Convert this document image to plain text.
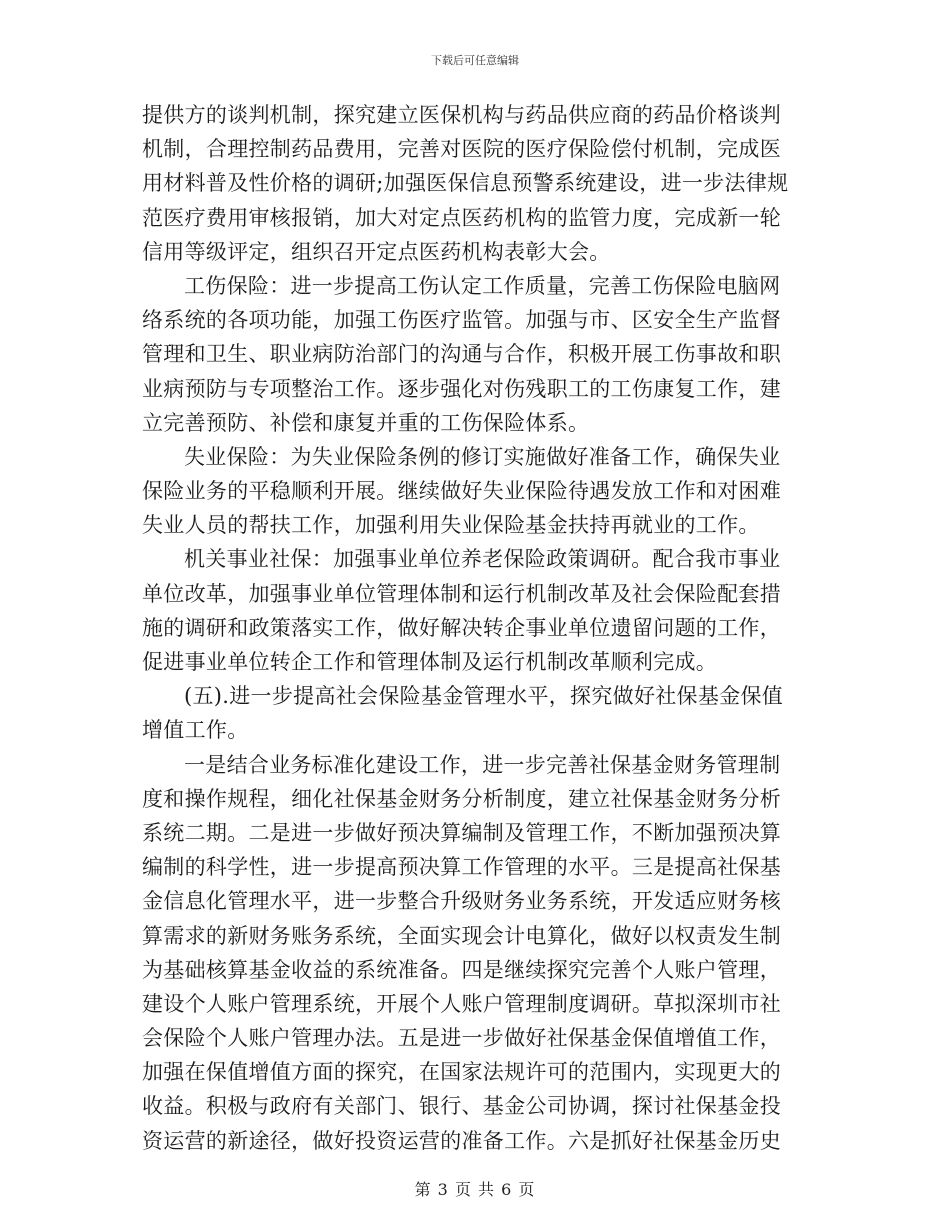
下载后可任意编辑
提供方的谈判机制，探究建立医保机构与药品供应商的药品价格谈判
机制，合理控制药品费用，完善对医院的医疗保险偿付机制，完成医
用材料普及性价格的调研;加强医保信息预警系统建设，进一步法律规
范医疗费用审核报销，加大对定点医药机构的监管力度，完成新一轮
信用等级评定，组织召开定点医药机构表彰大会。
工伤保险：进一步提高工伤认定工作质量，完善工伤保险电脑网
络系统的各项功能，加强工伤医疗监管。加强与市、区安全生产监督
管理和卫生、职业病防治部门的沟通与合作，积极开展工伤事故和职
业病预防与专项整治工作。逐步强化对伤残职工的工伤康复工作，建
立完善预防、补偿和康复并重的工伤保险体系。
失业保险：为失业保险条例的修订实施做好准备工作，确保失业
保险业务的平稳顺利开展。继续做好失业保险待遇发放工作和对困难
失业人员的帮扶工作，加强利用失业保险基金扶持再就业的工作。
机关事业社保：加强事业单位养老保险政策调研。配合我市事业
单位改革，加强事业单位管理体制和运行机制改革及社会保险配套措
施的调研和政策落实工作，做好解决转企事业单位遗留问题的工作，
促进事业单位转企工作和管理体制及运行机制改革顺利完成。
(五).进一步提高社会保险基金管理水平，探究做好社保基金保值
增值工作。
一是结合业务标准化建设工作，进一步完善社保基金财务管理制
度和操作规程，细化社保基金财务分析制度，建立社保基金财务分析
系统二期。二是进一步做好预决算编制及管理工作，不断加强预决算
编制的科学性，进一步提高预决算工作管理的水平。三是提高社保基
金信息化管理水平，进一步整合升级财务业务系统，开发适应财务核
算需求的新财务账务系统，全面实现会计电算化，做好以权责发生制
为基础核算基金收益的系统准备。四是继续探究完善个人账户管理，
建设个人账户管理系统，开展个人账户管理制度调研。草拟深圳市社
会保险个人账户管理办法。五是进一步做好社保基金保值增值工作，
加强在保值增值方面的探究，在国家法规许可的范围内，实现更大的
收益。积极与政府有关部门、银行、基金公司协调，探讨社保基金投
资运营的新途径，做好投资运营的准备工作。六是抓好社保基金历史
第 3 页 共 6 页
